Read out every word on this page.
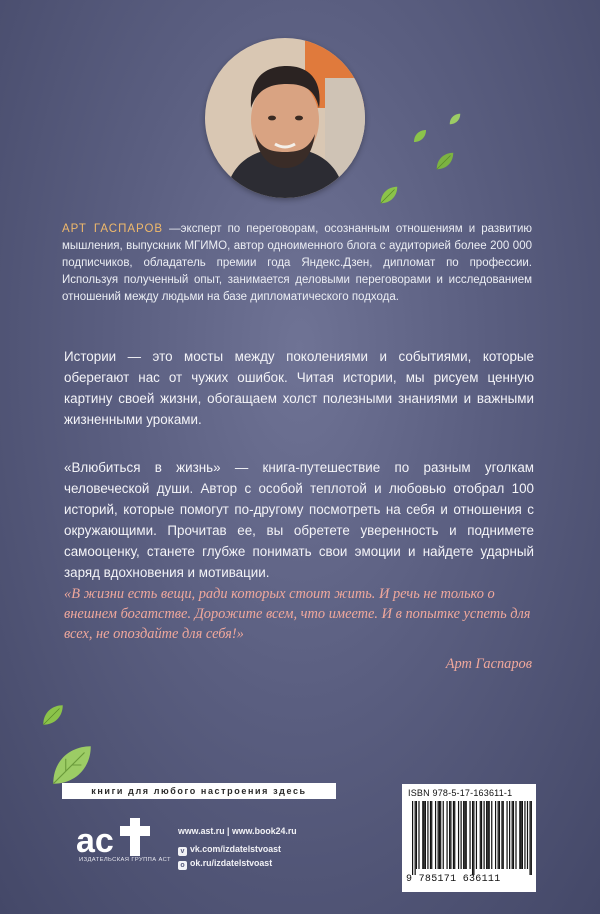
АРТ ГАСПАРОВ —эксперт по переговорам, осознанным отношениям и развитию мышления, выпускник МГИМО, автор одноименного блога с аудиторией более 200 000 подписчиков, обладатель премии года Яндекс.Дзен, дипломат по профессии. Используя полученный опыт, занимается деловыми переговорами и исследованием отношений между людьми на базе дипломатического подхода.

Истории — это мосты между поколениями и событиями, которые оберегают нас от чужих ошибок. Читая истории, мы рисуем ценную картину своей жизни, обогащаем холст полезными знаниями и важными жизненными уроками.

«Влюбиться в жизнь» — книга-путешествие по разным уголкам человеческой души. Автор с особой теплотой и любовью отобрал 100 историй, которые помогут по-другому посмотреть на себя и отношения с окружающими. Прочитав ее, вы обретете уверенность и поднимете самооценку, станете глубже понимать свои эмоции и найдете ударный заряд вдохновения и мотивации.

«В жизни есть вещи, ради которых стоит жить. И речь не только о внешнем богатстве. Дорожите всем, что имеете. И в попытке успеть для всех, не опоздайте для себя!»

Арт Гаспаров

книги для любого настроения здесь
ac
ИЗДАТЕЛЬСКАЯ ГРУППА АСТ
www.ast.ru | www.book24.ru
v vk.com/izdatelstvoast
o ok.ru/izdatelstvoast
ISBN 978-5-17-163611-1
9 785171 636111
